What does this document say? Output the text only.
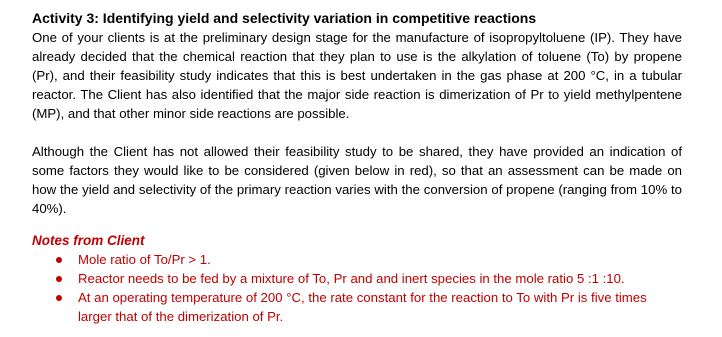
Activity 3: Identifying yield and selectivity variation in competitive reactions

One of your clients is at the preliminary design stage for the manufacture of isopropyltoluene (IP). They have already decided that the chemical reaction that they plan to use is the alkylation of toluene (To) by propene (Pr), and their feasibility study indicates that this is best undertaken in the gas phase at 200 °C, in a tubular reactor. The Client has also identified that the major side reaction is dimerization of Pr to yield methylpentene (MP), and that other minor side reactions are possible.

Although the Client has not allowed their feasibility study to be shared, they have provided an indication of some factors they would like to be considered (given below in red), so that an assessment can be made on how the yield and selectivity of the primary reaction varies with the conversion of propene (ranging from 10% to 40%).

Notes from Client

Mole ratio of To/Pr > 1.
Reactor needs to be fed by a mixture of To, Pr and and inert species in the mole ratio 5 :1 :10.
At an operating temperature of 200 °C, the rate constant for the reaction to To with Pr is five times larger that of the dimerization of Pr.
